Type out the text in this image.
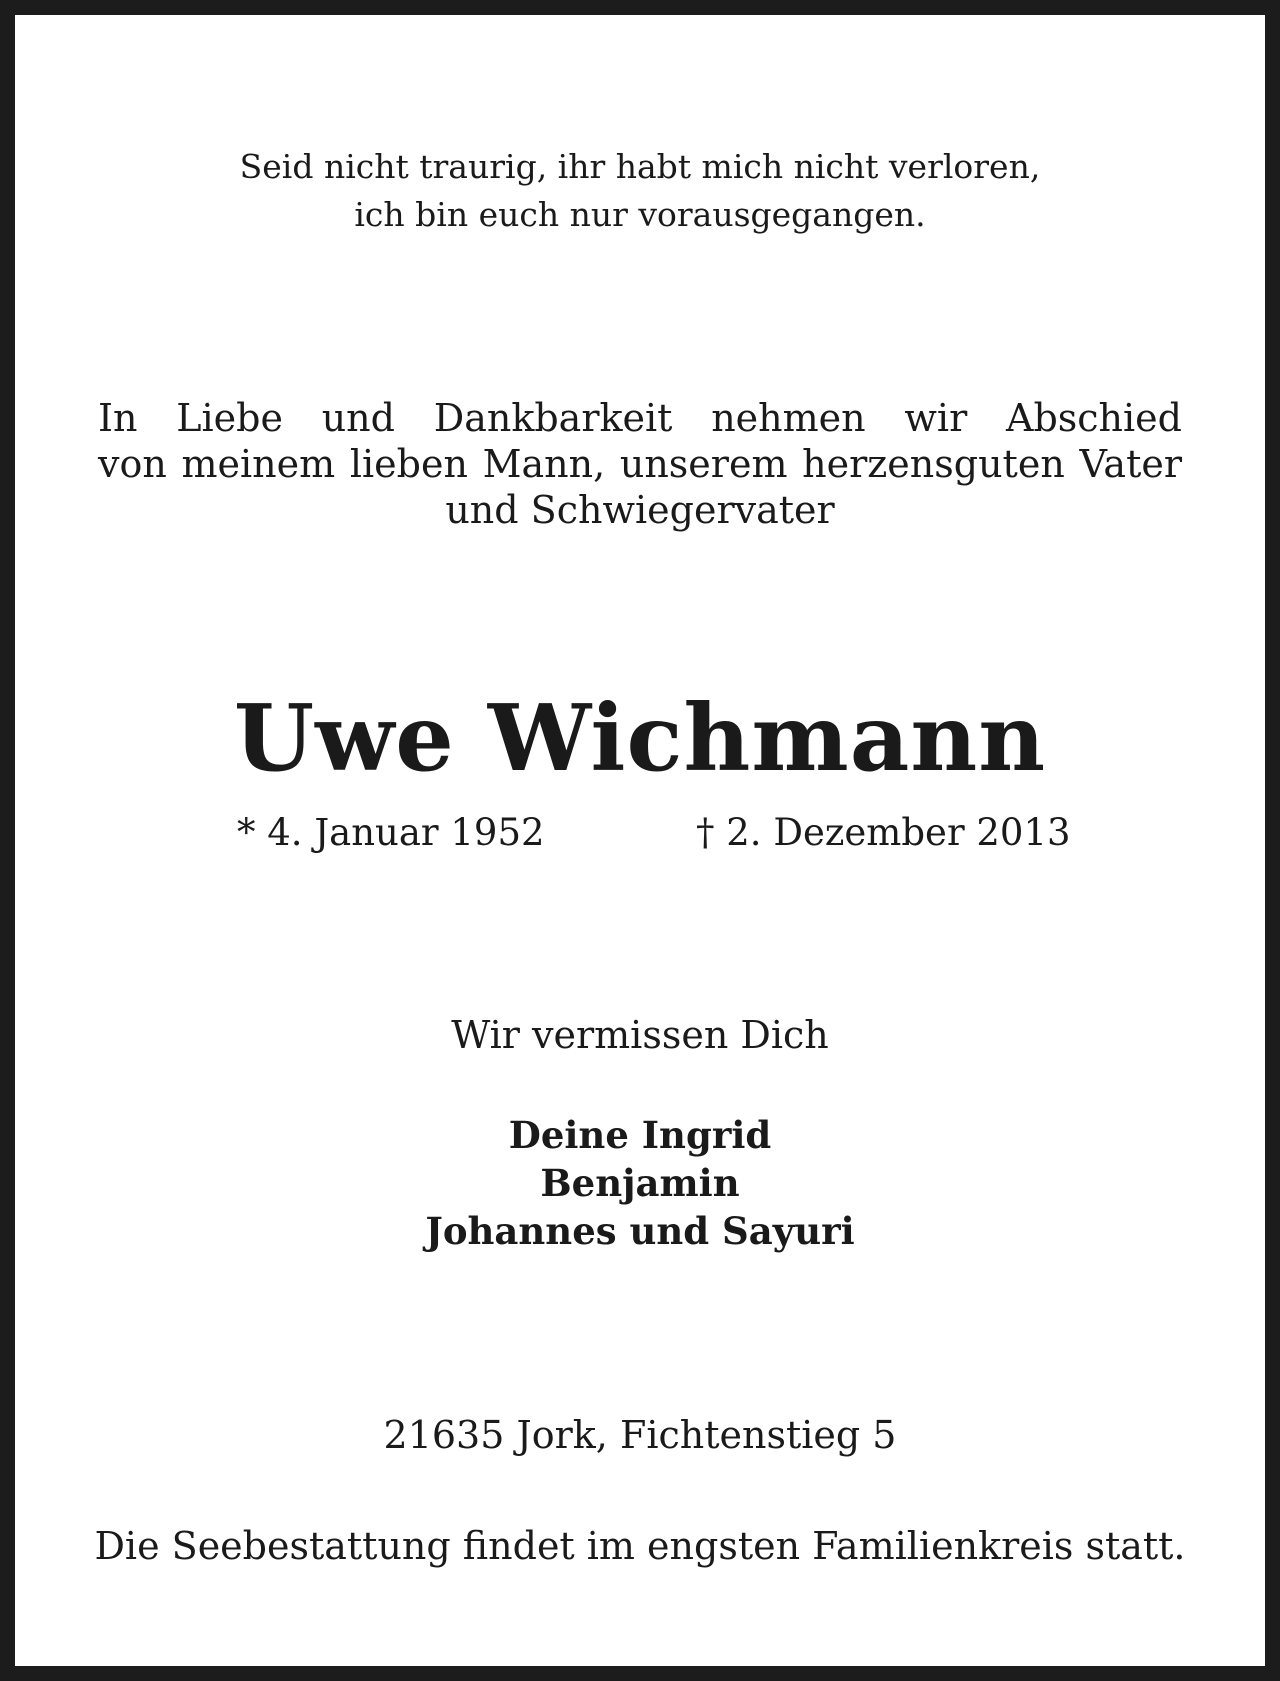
Seid nicht traurig, ihr habt mich nicht verloren,
ich bin euch nur vorausgegangen.
In Liebe und Dankbarkeit nehmen wir Abschied
von meinem lieben Mann, unserem herzensguten Vater
und Schwiegervater
Uwe Wichmann
* 4. Januar 1952	† 2. Dezember 2013
Wir vermissen Dich
Deine Ingrid
Benjamin
Johannes und Sayuri
21635 Jork, Fichtenstieg 5
Die Seebestattung findet im engsten Familienkreis statt.
